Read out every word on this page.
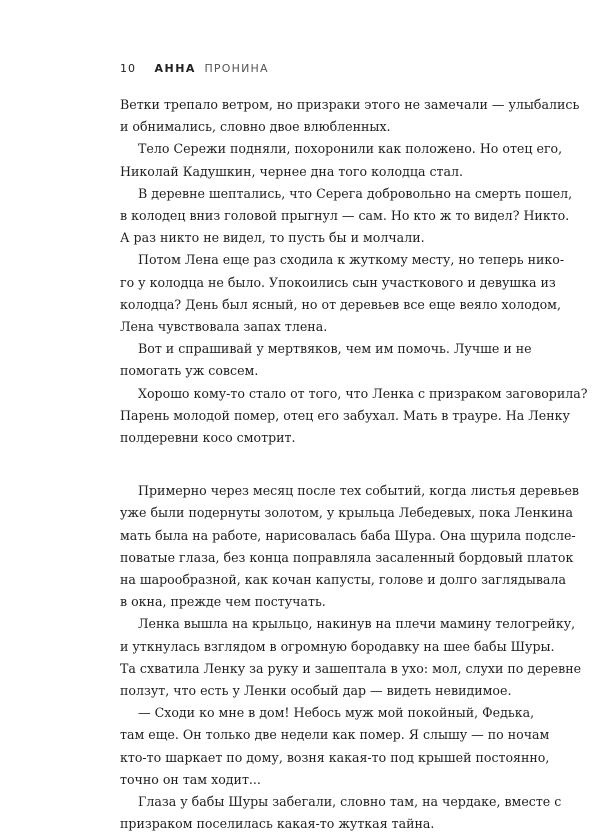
10 АННА ПРОНИНА
Ветки трепало ветром, но призраки этого не замечали — улыбались
и обнимались, словно двое влюбленных.
Тело Сережи подняли, похоронили как положено. Но отец его,
Николай Кадушкин, чернее дна того колодца стал.
В деревне шептались, что Серега добровольно на смерть пошел,
в колодец вниз головой прыгнул — сам. Но кто ж то видел? Никто.
А раз никто не видел, то пусть бы и молчали.
Потом Лена еще раз сходила к жуткому месту, но теперь нико-
го у колодца не было. Упокоились сын участкового и девушка из
колодца? День был ясный, но от деревьев все еще веяло холодом,
Лена чувствовала запах тлена.
Вот и спрашивай у мертвяков, чем им помочь. Лучше и не
помогать уж совсем.
Хорошо кому-то стало от того, что Ленка с призраком заговорила?
Парень молодой помер, отец его забухал. Мать в трауре. На Ленку
полдеревни косо смотрит.
Примерно через месяц после тех событий, когда листья деревьев
уже были подернуты золотом, у крыльца Лебедевых, пока Ленкина
мать была на работе, нарисовалась баба Шура. Она щурила подсле-
поватые глаза, без конца поправляла засаленный бордовый платок
на шарообразной, как кочан капусты, голове и долго заглядывала
в окна, прежде чем постучать.
Ленка вышла на крыльцо, накинув на плечи мамину телогрейку,
и уткнулась взглядом в огромную бородавку на шее бабы Шуры.
Та схватила Ленку за руку и зашептала в ухо: мол, слухи по деревне
ползут, что есть у Ленки особый дар — видеть невидимое.
— Сходи ко мне в дом! Небось муж мой покойный, Федька,
там еще. Он только две недели как помер. Я слышу — по ночам
кто-то шаркает по дому, возня какая-то под крышей постоянно,
точно он там ходит...
Глаза у бабы Шуры забегали, словно там, на чердаке, вместе с
призраком поселилась какая-то жуткая тайна.
